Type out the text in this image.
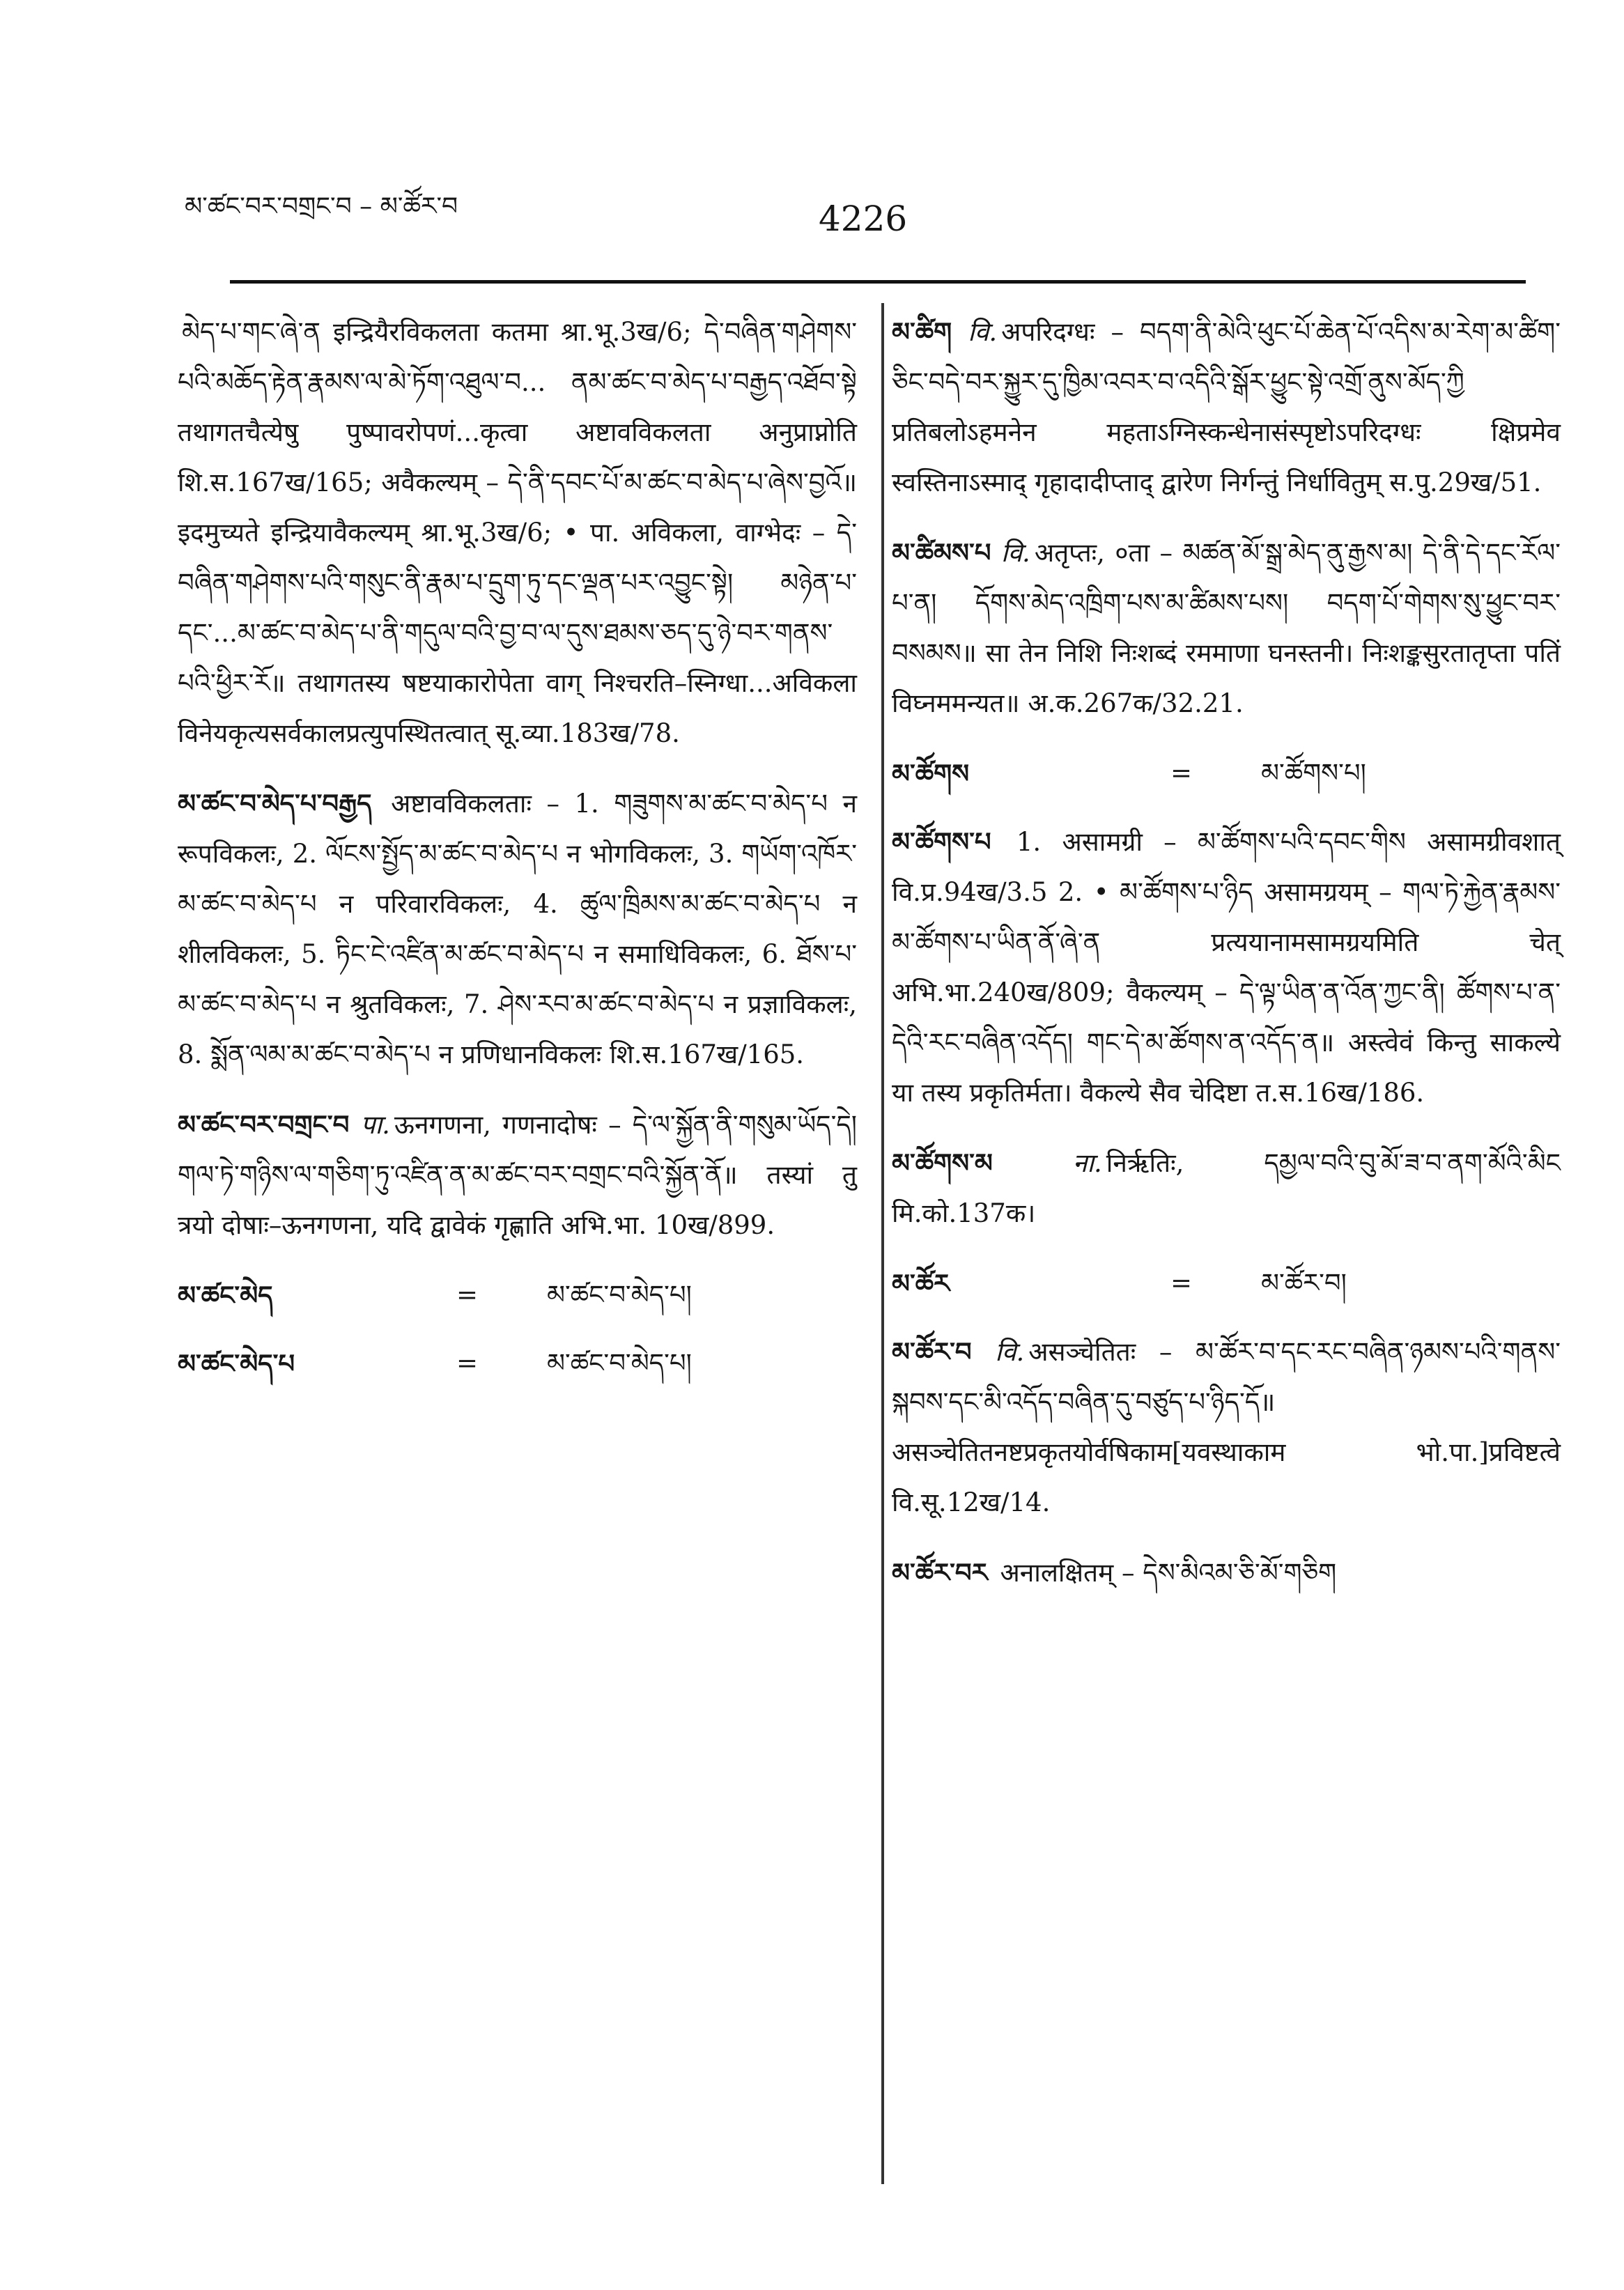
མ་ཚང་བར་བགྲང་བ – མ་ཚོར་བ	4226
མེད་པ་གང་ཞེ་ན इन्द्रियैरविकलता कतमा श्रा.भू.3ख/6; དེ་བཞིན་གཤེགས་པའི་མཆོད་རྟེན་རྣམས་ལ་མེ་ཏོག་འཐུལ་བ... ནམ་ཚང་བ་མེད་པ་བརྒྱད་འཐོབ་སྟེ तथागतचैत्येषु पुष्पावरोपणं...कृत्वा अष्टावविकलता अनुप्राप्नोति शि.स.167ख/165; अवैकल्यम् – དེ་ནི་དབང་པོ་མ་ཚང་བ་མེད་པ་ཞེས་བྱའོ॥ इदमुच्यते इन्द्रियावैकल्यम् श्रा.भू.3ख/6; • पा. अविकला, वाग्भेदः – དེ་བཞིན་གཤེགས་པའི་གསུང་ནི་རྣམ་པ་དྲུག་ཏུ་དང་ལྡན་པར་འབྱུང་སྟེ། མཉེན་པ་དང་...མ་ཚང་བ་མེད་པ་ནི་གདུལ་བའི་བྱ་བ་ལ་དུས་ཐམས་ཅད་དུ་ཉེ་བར་གནས་པའི་ཕྱིར་རོ॥ तथागतस्य षष्टयाकारोपेता वाग् निश्चरति–स्निग्धा...अविकला विनेयकृत्यसर्वकालप्रत्युपस्थितत्वात् सू.व्या.183ख/78.
མ་ཚང་བ་མེད་པ་བརྒྱད अष्टावविकलताः – 1. གཟུགས་མ་ཚང་བ་མེད་པ न रूपविकलः, 2. ལོངས་སྤྱོད་མ་ཚང་བ་མེད་པ न भोगविकलः, 3. གཡོག་འཁོར་མ་ཚང་བ་མེད་པ न परिवारविकलः, 4. ཚུལ་ཁྲིམས་མ་ཚང་བ་མེད་པ न शीलविकलः, 5. ཏིང་ངེ་འཛིན་མ་ཚང་བ་མེད་པ न समाधिविकलः, 6. ཐོས་པ་མ་ཚང་བ་མེད་པ न श्रुतविकलः, 7. ཤེས་རབ་མ་ཚང་བ་མེད་པ न प्रज्ञाविकलः, 8. སྨོན་ལམ་མ་ཚང་བ་མེད་པ न प्रणिधानविकलः शि.स.167ख/165.
མ་ཚང་བར་བགྲང་བ पा. ऊनगणना, गणनादोषः – དེ་ལ་སྐྱོན་ནི་གསུམ་ཡོད་དེ། གལ་ཏེ་གཉིས་ལ་གཅིག་ཏུ་འཛིན་ན་མ་ཚང་བར་བགྲང་བའི་སྐྱོན་ནོ॥ तस्यां तु त्रयो दोषाः–ऊनगणना, यदि द्वावेकं गृह्णाति अभि.भा. 10ख/899.
མ་ཚང་མེད	=	མ་ཚང་བ་མེད་པ།
མ་ཚང་མེད་པ	=	མ་ཚང་བ་མེད་པ།
མ་ཚིག वि. अपरिदग्धः – བདག་ནི་མེའི་ཕུང་པོ་ཆེན་པོ་འདིས་མ་རེག་མ་ཚིག་ཅིང་བདེ་བར་སྐྱུར་དུ་ཁྱིམ་འབར་བ་འདིའི་སྒོར་ཕྱུང་སྟེ་འགྲོ་ནུས་མོད་ཀྱི प्रतिबलोऽहमनेन महताऽग्निस्कन्धेनासंस्पृष्टोऽपरिदग्धः क्षिप्रमेव स्वस्तिनाऽस्माद् गृहादादीप्ताद् द्वारेण निर्गन्तुं निर्धावितुम् स.पु.29ख/51.
མ་ཚིམས་པ वि. अतृप्तः, ०ता – མཚན་མོ་སྒྲ་མེད་ནུ་རྒྱས་མ། དེ་ནི་དེ་དང་རོལ་པ་ན། དོགས་མེད་འཁྲིག་པས་མ་ཚིམས་པས། བདག་པོ་གེགས་སུ་ཕྱུང་བར་བསམས॥ सा तेन निशि निःशब्दं रममाणा घनस्तनी। निःशङ्कसुरतातृप्ता पतिं विघ्नममन्यत॥ अ.क.267क/32.21.
མ་ཚོགས	=	མ་ཚོགས་པ།
མ་ཚོགས་པ 1. असामग्री – མ་ཚོགས་པའི་དབང་གིས असामग्रीवशात् वि.प्र.94ख/3.5 2. • མ་ཚོགས་པ་ཉིད असामग्रयम् – གལ་ཏེ་རྐྱེན་རྣམས་མ་ཚོགས་པ་ཡིན་ནོ་ཞེ་ན प्रत्ययानामसामग्रयमिति चेत् अभि.भा.240ख/809; वैकल्यम् – དེ་ལྟ་ཡིན་ན་འོན་ཀྱང་ནི། ཚོགས་པ་ན་དེའི་རང་བཞིན་འདོད། གང་དེ་མ་ཚོགས་ན་འདོད་ན॥ अस्त्वेवं किन्तु साकल्ये या तस्य प्रकृतिर्मता। वैकल्ये सैव चेदिष्टा त.स.16ख/186.
མ་ཚོགས་མ	ना. निर्ऋतिः, དམྱལ་བའི་བུ་མོ་ཟ་བ་ནག་མོའི་མིང मि.को.137क।
མ་ཚོར	=	མ་ཚོར་བ།
མ་ཚོར་བ वि. असञ्चेतितः – མ་ཚོར་བ་དང་རང་བཞིན་ཉམས་པའི་གནས་སྐབས་དང་མི་འདོད་བཞིན་དུ་བཙུད་པ་ཉིད་དོ॥ असञ्चेतितनष्टप्रकृतयोर्वषिकाम[यवस्थाकाम भो.पा.]प्रविष्टत्वे वि.सू.12ख/14.
མ་ཚོར་བར अनालक्षितम् – དེས་མིའམ་ཅི་མོ་གཅིག
